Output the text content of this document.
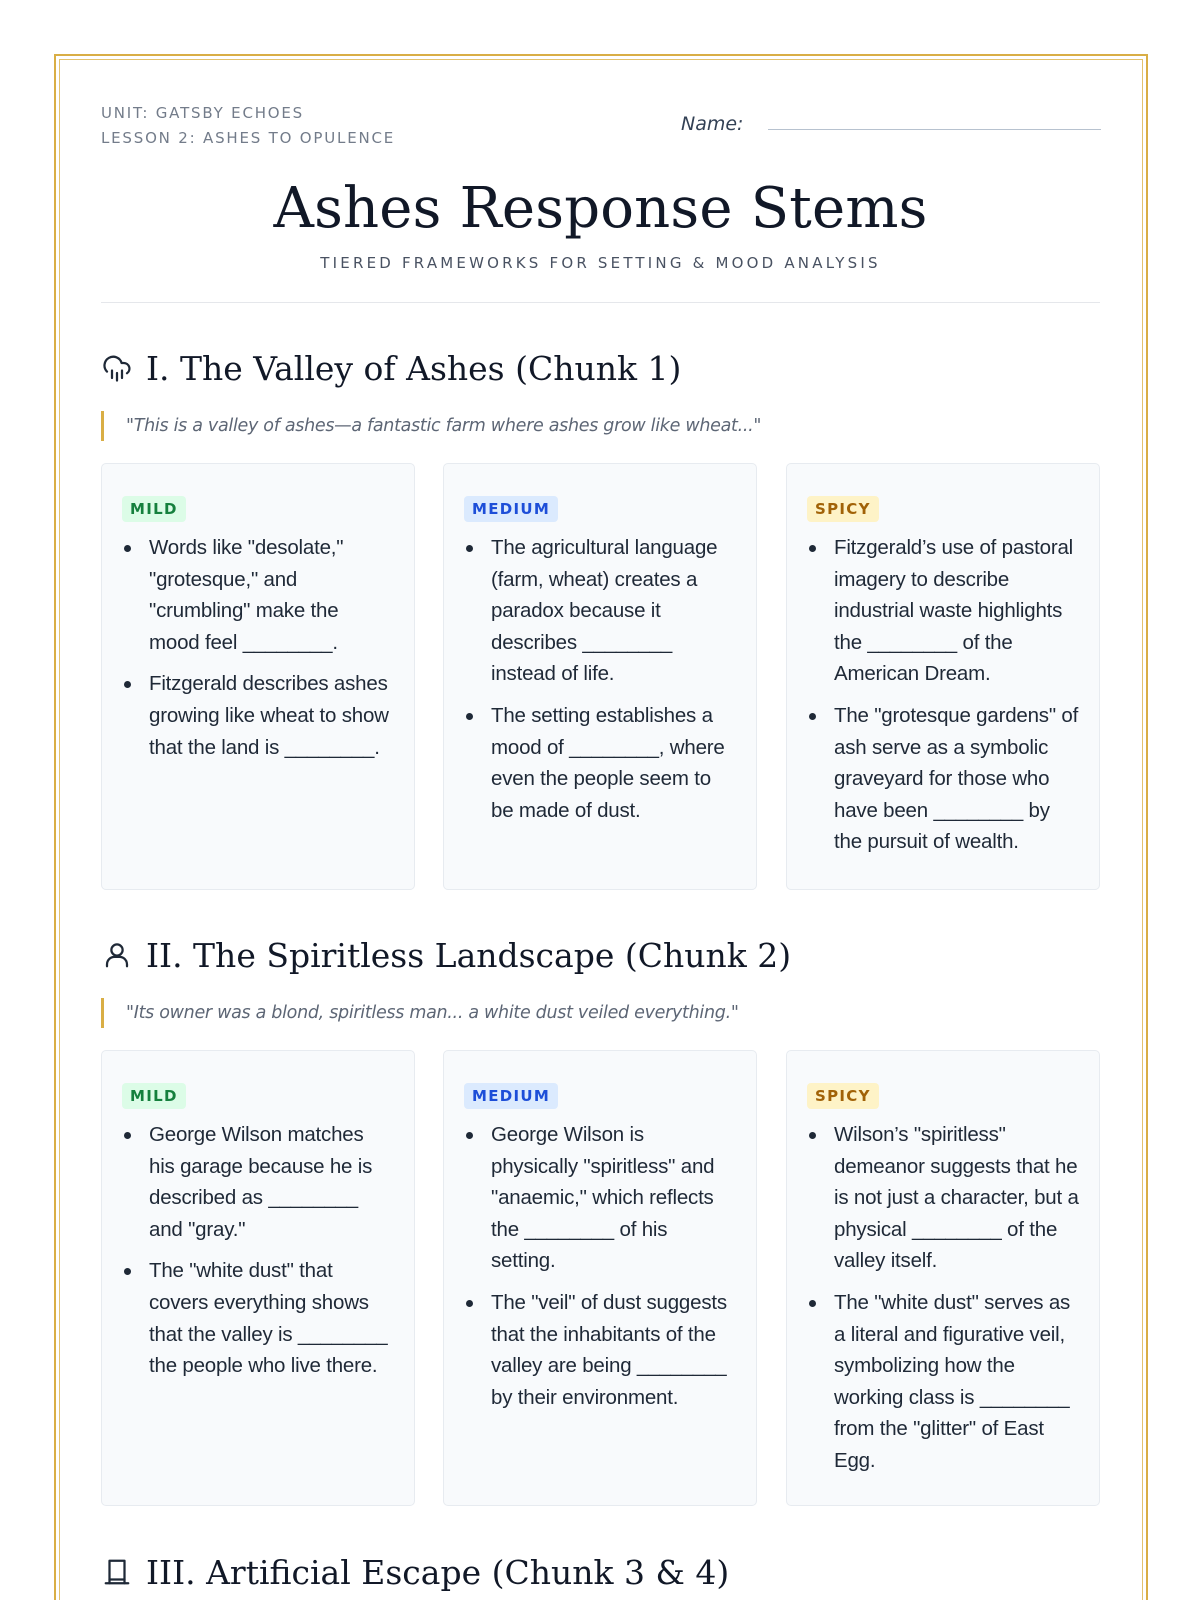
UNIT: GATSBY ECHOES
LESSON 2: ASHES TO OPULENCE
Name:
Ashes Response Stems
TIERED FRAMEWORKS FOR SETTING & MOOD ANALYSIS
I. The Valley of Ashes (Chunk 1)
"This is a valley of ashes—a fantastic farm where ashes grow like wheat..."
MILD
Words like "desolate," "grotesque," and "crumbling" make the mood feel ________.
Fitzgerald describes ashes growing like wheat to show that the land is ________.
MEDIUM
The agricultural language (farm, wheat) creates a paradox because it describes ________ instead of life.
The setting establishes a mood of ________, where even the people seem to be made of dust.
SPICY
Fitzgerald’s use of pastoral imagery to describe industrial waste highlights the ________ of the American Dream.
The "grotesque gardens" of ash serve as a symbolic graveyard for those who have been ________ by the pursuit of wealth.
II. The Spiritless Landscape (Chunk 2)
"Its owner was a blond, spiritless man... a white dust veiled everything."
MILD
George Wilson matches his garage because he is described as ________ and "gray."
The "white dust" that covers everything shows that the valley is ________ the people who live there.
MEDIUM
George Wilson is physically "spiritless" and "anaemic," which reflects the ________ of his setting.
The "veil" of dust suggests that the inhabitants of the valley are being ________ by their environment.
SPICY
Wilson’s "spiritless" demeanor suggests that he is not just a character, but a physical ________ of the valley itself.
The "white dust" serves as a literal and figurative veil, symbolizing how the working class is ________ from the "glitter" of East Egg.
III. Artificial Escape (Chunk 3 & 4)
